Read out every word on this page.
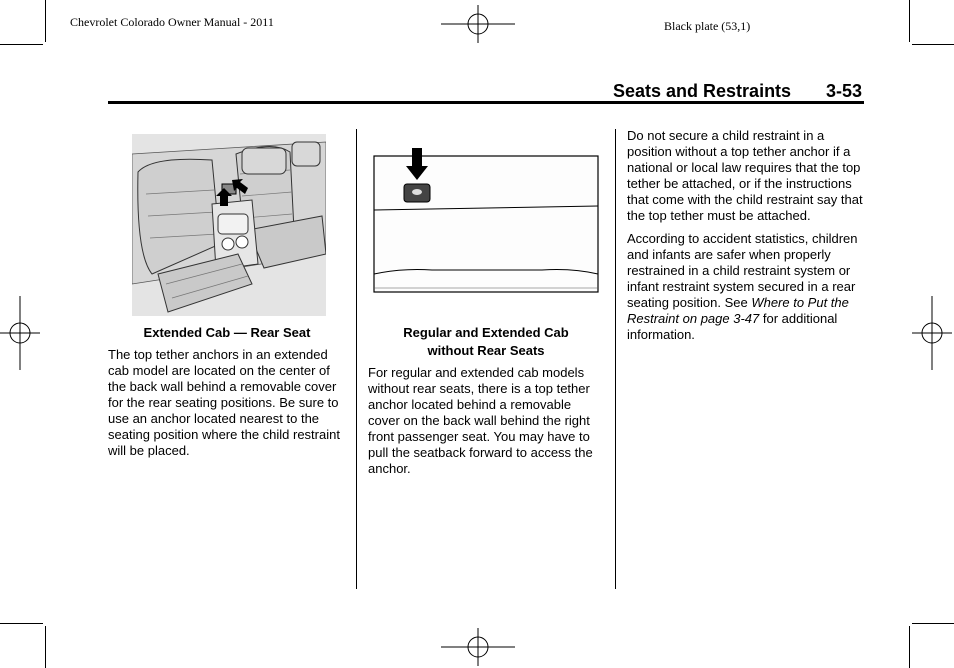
Chevrolet Colorado Owner Manual - 2011	Black plate (53,1)
Seats and Restraints 3-53
Extended Cab — Rear Seat

The top tether anchors in an extended cab model are located on the center of the back wall behind a removable cover for the rear seating positions. Be sure to use an anchor located nearest to the seating position where the child restraint will be placed.

Regular and Extended Cab
without Rear Seats

For regular and extended cab models without rear seats, there is a top tether anchor located behind a removable cover on the back wall behind the right front passenger seat. You may have to pull the seatback forward to access the anchor.

Do not secure a child restraint in a position without a top tether anchor if a national or local law requires that the top tether be attached, or if the instructions that come with the child restraint say that the top tether must be attached.

According to accident statistics, children and infants are safer when properly restrained in a child restraint system or infant restraint system secured in a rear seating position. See Where to Put the Restraint on page 3-47 for additional information.
